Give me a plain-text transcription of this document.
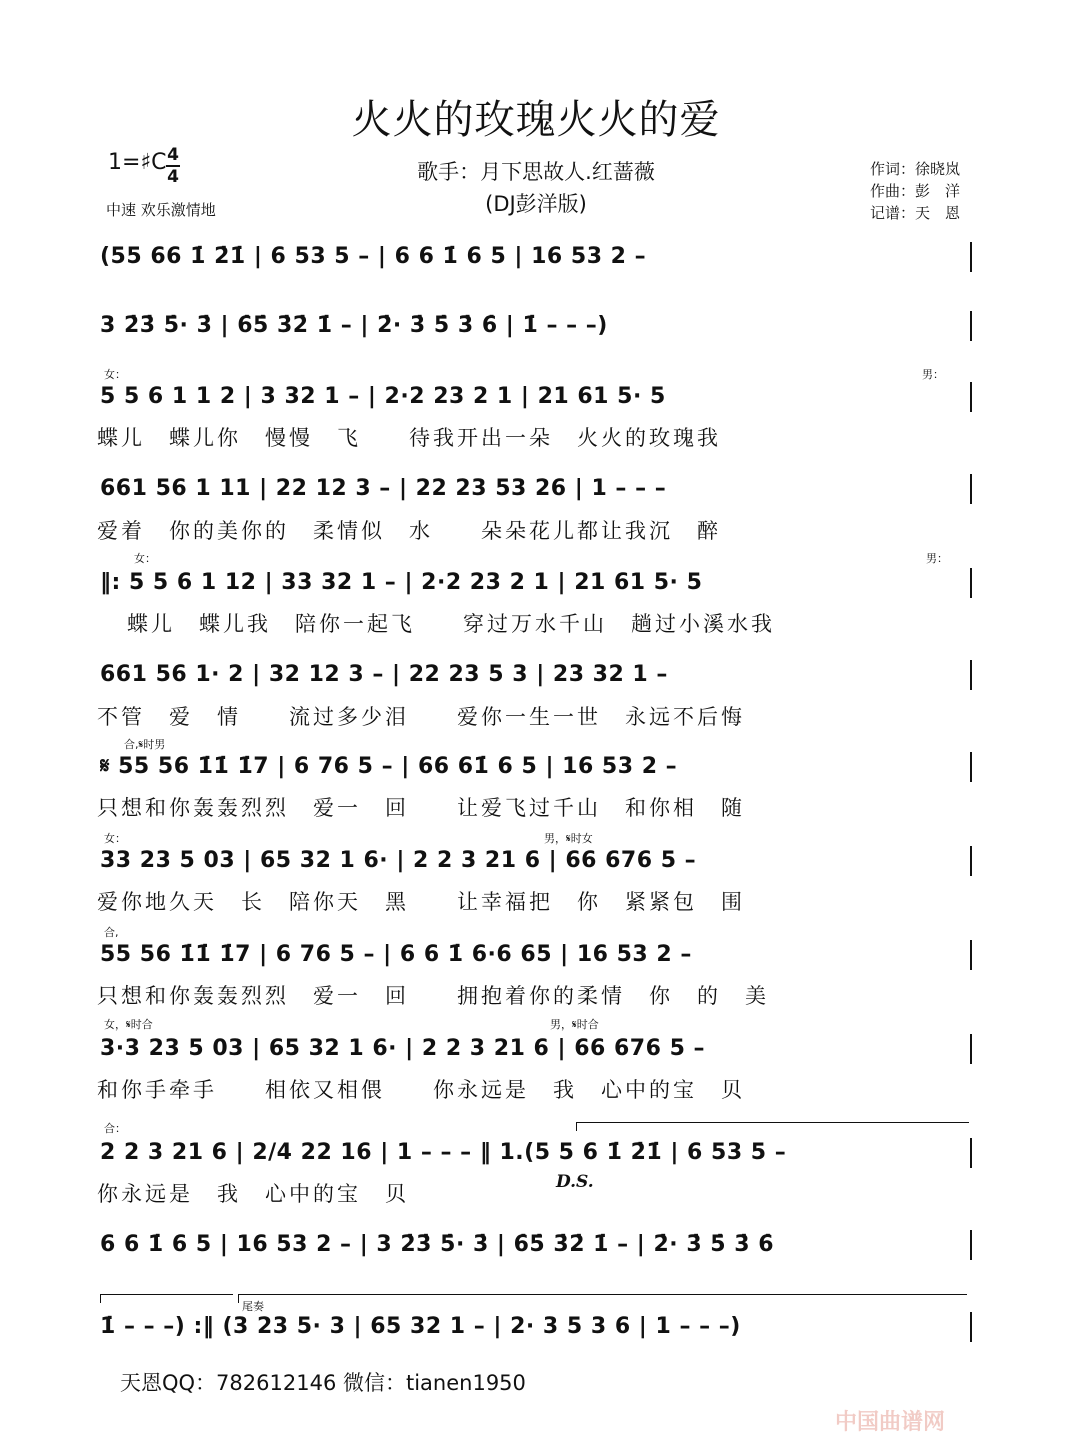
火火的玫瑰火火的爱
1=♯C 4
4
中速 欢乐激情地
歌手：月下思故人.红蔷薇
(DJ彭洋版)
作词：徐晓岚
作曲：彭　洋
记谱：天　恩
(55 66 1̇ 2̇1̇ | 6 53 5 – | 6 6 1̇ 6 5 | 16 53 2 –
3 2̇3̇ 5̇· 3̇ | 6̇5̇ 3̇2̇ 1̇ – | 2̇· 3̇ 5̇ 3̇ 6̇ | 1̇ – – –)
女：	男：
5 5 6 1 1 2 | 3 32 1 – | 2·2 23 2 1 | 21 61 5· 5
蝶儿　蝶儿你　慢慢　飞　　待我开出一朵　火火的玫瑰我
661 56 1 11 | 22 12 3 – | 22 23 53 26 | 1 – – –
爱着　你的美你的　柔情似　水　　朵朵花儿都让我沉　醉
女：	男：
‖: 5 5 6 1 12 | 33 32 1 – | 2·2 23 2 1 | 21 61 5· 5
蝶儿　蝶儿我　陪你一起飞　　穿过万水千山　趟过小溪水我
661 56 1· 2 | 32 12 3 – | 22 23 5 3 | 23 32 1 –
不管　爱　情　　流过多少泪　　爱你一生一世　永远不后悔
合,𝄋时男
𝄋 55 56 1̇1̇ 1̇7 | 6 76 5 – | 66 61̇ 6 5 | 16 53 2 –
只想和你轰轰烈烈　爱一　回　　让爱飞过千山　和你相　随
女：	男，𝄋时女
33 23 5 03 | 65 32 1 6· | 2 2 3 21 6 | 66 676 5 –
爱你地久天　长　陪你天　黑　　让幸福把　你　紧紧包　围
合,
55 56 1̇1̇ 1̇7 | 6 76 5 – | 6 6 1̇ 6·6 65 | 16 53 2 –
只想和你轰轰烈烈　爱一　回　　拥抱着你的柔情　你　的　美
女，𝄋时合	男，𝄋时合
3·3 23 5 03 | 65 32 1 6· | 2 2 3 21 6 | 66 676 5 –
和你手牵手　　相依又相偎　　你永远是　我　心中的宝　贝
合：
2 2 3 21 6 | 2/4 22 16 | 1 – – – ‖ 1.(5 5 6 1̇ 2̇1̇ | 6 53 5 –
你永远是　我　心中的宝　贝	D.S.
6 6 1̇ 6 5 | 16 53 2 – | 3 2̇3̇ 5̇· 3̇ | 6̇5̇ 3̇2̇ 1̇ – | 2̇· 3̇ 5̇ 3̇ 6̇
尾奏
1̇ – – –) :‖ (3 23 5· 3 | 65 32 1 – | 2· 3 5 3 6 | 1 – – –)
天恩QQ：782612146 微信：tianen1950
中国曲谱网
